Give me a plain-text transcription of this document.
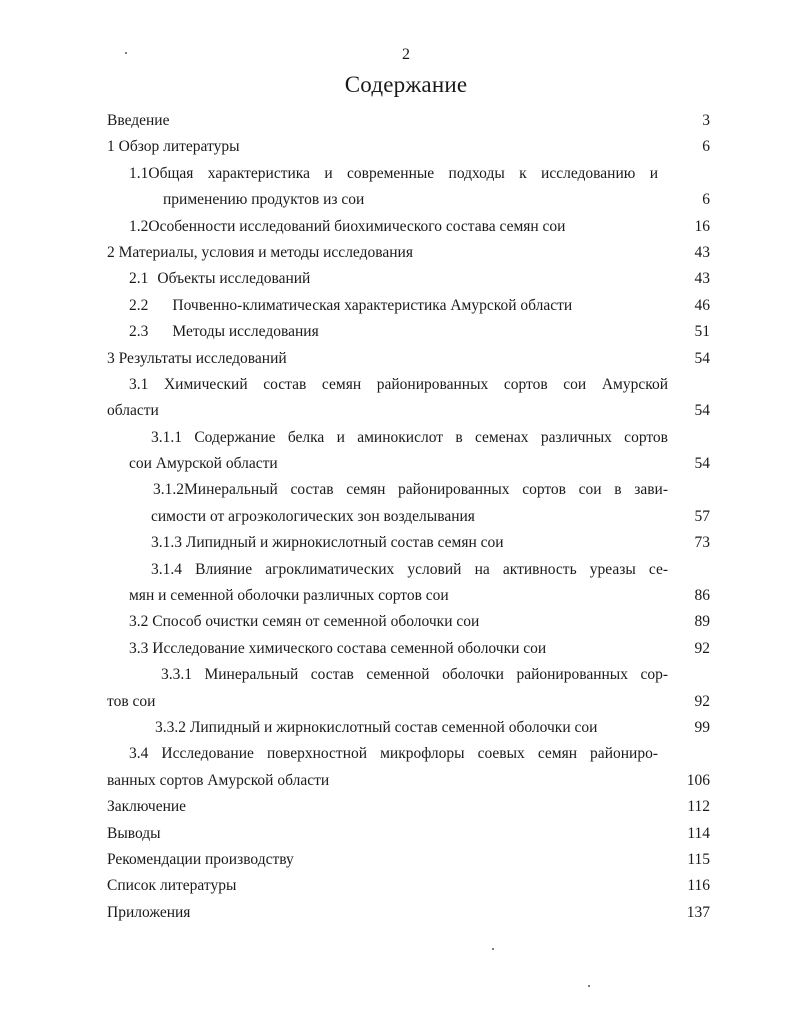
2
Содержание
Введение	3
1 Обзор литературы	6
1.1Общая характеристика и современные подходы к исследованию и
применению продуктов из сои	6
1.2Особенности исследований биохимического состава семян сои	16
2 Материалы, условия и методы исследования	43
2.1 Объекты исследований	43
2.2 Почвенно-климатическая характеристика Амурской области	46
2.3 Методы исследования	51
3 Результаты исследований	54
3.1 Химический состав семян районированных сортов сои Амурской
области	54
3.1.1 Содержание белка и аминокислот в семенах различных сортов
сои Амурской области	54
3.1.2Минеральный состав семян районированных сортов сои в зави-
симости от агроэкологических зон возделывания	57
3.1.3 Липидный и жирнокислотный состав семян сои	73
3.1.4 Влияние агроклиматических условий на активность уреазы се-
мян и семенной оболочки различных сортов сои	86
3.2 Способ очистки семян от семенной оболочки сои	89
3.3 Исследование химического состава семенной оболочки сои	92
3.3.1 Минеральный состав семенной оболочки районированных сор-
тов сои	92
3.3.2 Липидный и жирнокислотный состав семенной оболочки сои	99
3.4 Исследование поверхностной микрофлоры соевых семян райониро-
ванных сортов Амурской области	106
Заключение	112
Выводы	114
Рекомендации производству	115
Список литературы	116
Приложения	137
